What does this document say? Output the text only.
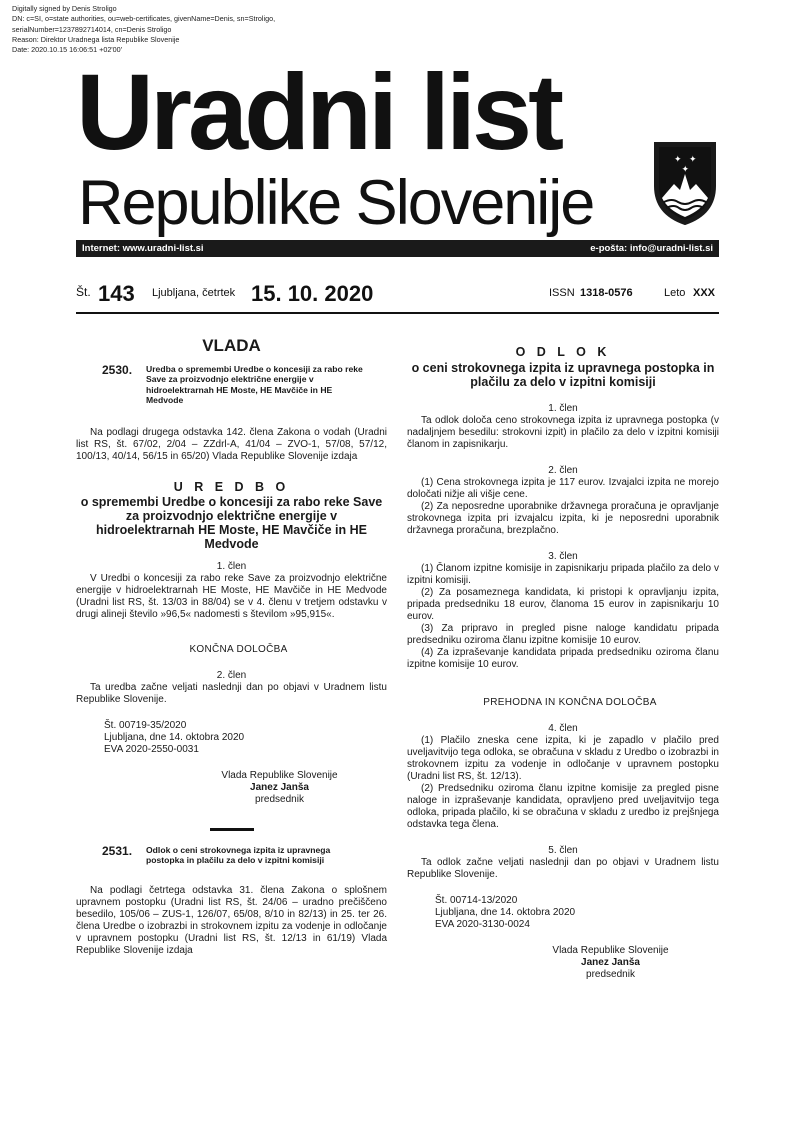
Digitally signed by Denis Stroligo
DN: c=SI, o=state authorities, ou=web-certificates, givenName=Denis, sn=Stroligo,
serialNumber=1237892714014, cn=Denis Stroligo
Reason: Direktor Uradnega lista Republike Slovenije
Date: 2020.10.15 16:06:51 +02'00'
Uradni list
Republike Slovenije
✦ ✦
✦
Internet: www.uradni-list.si	e-pošta: info@uradni-list.si
Št. 143 Ljubljana, četrtek 15. 10. 2020	ISSN 1318-0576	Leto XXX
VLADA
2530.	Uredba o spremembi Uredbe o koncesiji za rabo reke Save za proizvodnjo električne energije v hidroelektrarnah HE Moste, HE Mavčiče in HE Medvode

Na podlagi drugega odstavka 142. člena Zakona o vodah (Uradni list RS, št. 67/02, 2/04 – ZZdrl-A, 41/04 – ZVO-1, 57/08, 57/12, 100/13, 40/14, 56/15 in 65/20) Vlada Republike Slovenije izdaja

U R E D B O
o spremembi Uredbe o koncesiji za rabo reke Save za proizvodnjo električne energije v hidroelektrarnah HE Moste, HE Mavčiče in HE Medvode

1. člen

V Uredbi o koncesiji za rabo reke Save za proizvodnjo električne energije v hidroelektrarnah HE Moste, HE Mavčiče in HE Medvode (Uradni list RS, št. 13/03 in 88/04) se v 4. členu v tretjem odstavku v drugi alineji število »96,5« nadomesti s številom »95,915«.

KONČNA DOLOČBA

2. člen

Ta uredba začne veljati naslednji dan po objavi v Uradnem listu Republike Slovenije.

Št. 00719-35/2020

Ljubljana, dne 14. oktobra 2020

EVA 2020-2550-0031

Vlada Republike Slovenije
Janez Janša
predsednik
2531.	Odlok o ceni strokovnega izpita iz upravnega postopka in plačilu za delo v izpitni komisiji

Na podlagi četrtega odstavka 31. člena Zakona o splošnem upravnem postopku (Uradni list RS, št. 24/06 – uradno prečiščeno besedilo, 105/06 – ZUS-1, 126/07, 65/08, 8/10 in 82/13) in 25. ter 26. člena Uredbe o izobrazbi in strokovnem izpitu za vodenje in odločanje v upravnem postopku (Uradni list RS, št. 12/13 in 61/19) Vlada Republike Slovenije izdaja

O D L O K
o ceni strokovnega izpita iz upravnega postopka in plačilu za delo v izpitni komisiji

1. člen

Ta odlok določa ceno strokovnega izpita iz upravnega postopka (v nadaljnjem besedilu: strokovni izpit) in plačilo za delo v izpitni komisiji članom in zapisnikarju.

2. člen

(1) Cena strokovnega izpita je 117 eurov. Izvajalci izpita ne morejo določati nižje ali višje cene.

(2) Za neposredne uporabnike državnega proračuna je opravljanje strokovnega izpita pri izvajalcu izpita, ki je neposredni uporabnik državnega proračuna, brezplačno.

3. člen

(1) Članom izpitne komisije in zapisnikarju pripada plačilo za delo v izpitni komisiji.

(2) Za posameznega kandidata, ki pristopi k opravljanju izpita, pripada predsedniku 18 eurov, članoma 15 eurov in zapisnikarju 10 eurov.

(3) Za pripravo in pregled pisne naloge kandidatu pripada predsedniku oziroma članu izpitne komisije 10 eurov.

(4) Za izpraševanje kandidata pripada predsedniku oziroma članu izpitne komisije 10 eurov.

PREHODNA IN KONČNA DOLOČBA

4. člen

(1) Plačilo zneska cene izpita, ki je zapadlo v plačilo pred uveljavitvijo tega odloka, se obračuna v skladu z Uredbo o izobrazbi in strokovnem izpitu za vodenje in odločanje v upravnem postopku (Uradni list RS, št. 12/13).

(2) Predsedniku oziroma članu izpitne komisije za pregled pisne naloge in izpraševanje kandidata, opravljeno pred uveljavitvijo tega odloka, pripada plačilo, ki se obračuna v skladu z uredbo iz prejšnjega odstavka tega člena.

5. člen

Ta odlok začne veljati naslednji dan po objavi v Uradnem listu Republike Slovenije.

Št. 00714-13/2020

Ljubljana, dne 14. oktobra 2020

EVA 2020-3130-0024

Vlada Republike Slovenije
Janez Janša
predsednik
